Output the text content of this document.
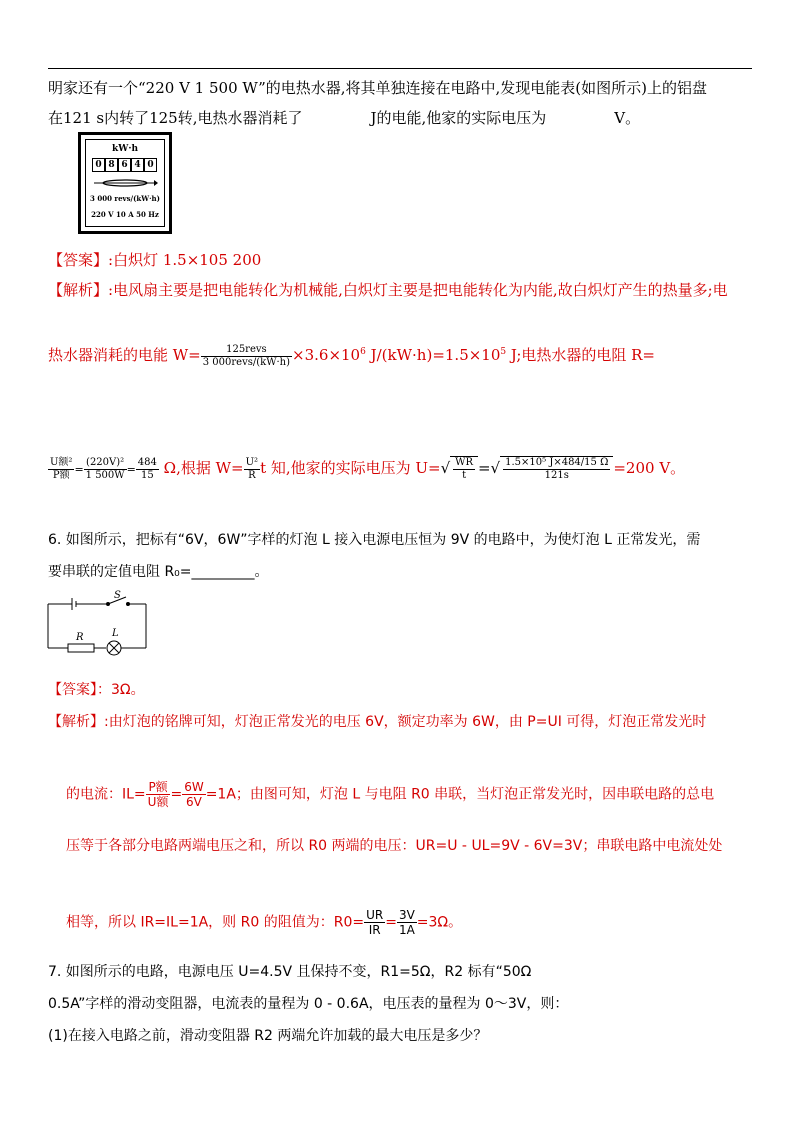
明家还有一个“220 V 1 500 W”的电热水器,将其单独连接在电路中,发现电能表(如图所示)上的铝盘
在121 s内转了125转,电热水器消耗了	J的电能,他家的实际电压为	V。
kW·h
0 8 6 4 0
3 000 revs/(kW·h)
220 V 10 A 50 Hz
【答案】:白炽灯 1.5×105 200
【解析】:电风扇主要是把电能转化为机械能,白炽灯主要是把电能转化为内能,故白炽灯产生的热量多;电
热水器消耗的电能 $W= \frac{\text{125revs}}{\text{3 000revs/(kW·h)}} \times 3.6\times 10^6$ $J/(kW\cdot h)=1.5\times 10^5$ J;电热水器的电阻 R=
$\frac{\text{U额²}}{\text{P额}} = \frac{\text{(220V)²}}{1 500W} = \frac{484}{15} \Omega$,根据 $W= \frac{\text{U²}}{R}$ t 知,他家的实际电压为 $U=√ \frac{WR}{t}$ =√ $\frac{\text{1.5×10⁵ J×484/15 Ω}}{121s} =200$ V。
6. 如图所示，把标有“6V，6W”字样的灯泡 L 接入电源电压恒为 9V 的电路中，为使灯泡 L 正常发光，需
要串联的定值电阻 R₀=_________。
S
R	L
【答案】：3Ω。
【解析】:由灯泡的铭牌可知，灯泡正常发光的电压 6V，额定功率为 6W，由 P=UI 可得，灯泡正常发光时
的电流：$IL= \frac{\text{P额}}{\text{U额}} = \frac{6W}{6V} =1A$；由图可知，灯泡 L 与电阻 R0 串联，当灯泡正常发光时，因串联电路的总电
压等于各部分电路两端电压之和，所以 R0 两端的电压：UR=U - UL=9V - 6V=3V；串联电路中电流处处
相等，所以 IR=IL=1A，则 R0 的阻值为：$R0= \frac{UR}{IR} = \frac{3V}{1A} =3\Omega$。
7. 如图所示的电路，电源电压 U=4.5V 且保持不变，R1=5Ω，R2 标有“50Ω
0.5A”字样的滑动变阻器，电流表的量程为 0 - 0.6A，电压表的量程为 0～3V，则：
(1)在接入电路之前，滑动变阻器 R2 两端允许加载的最大电压是多少？
